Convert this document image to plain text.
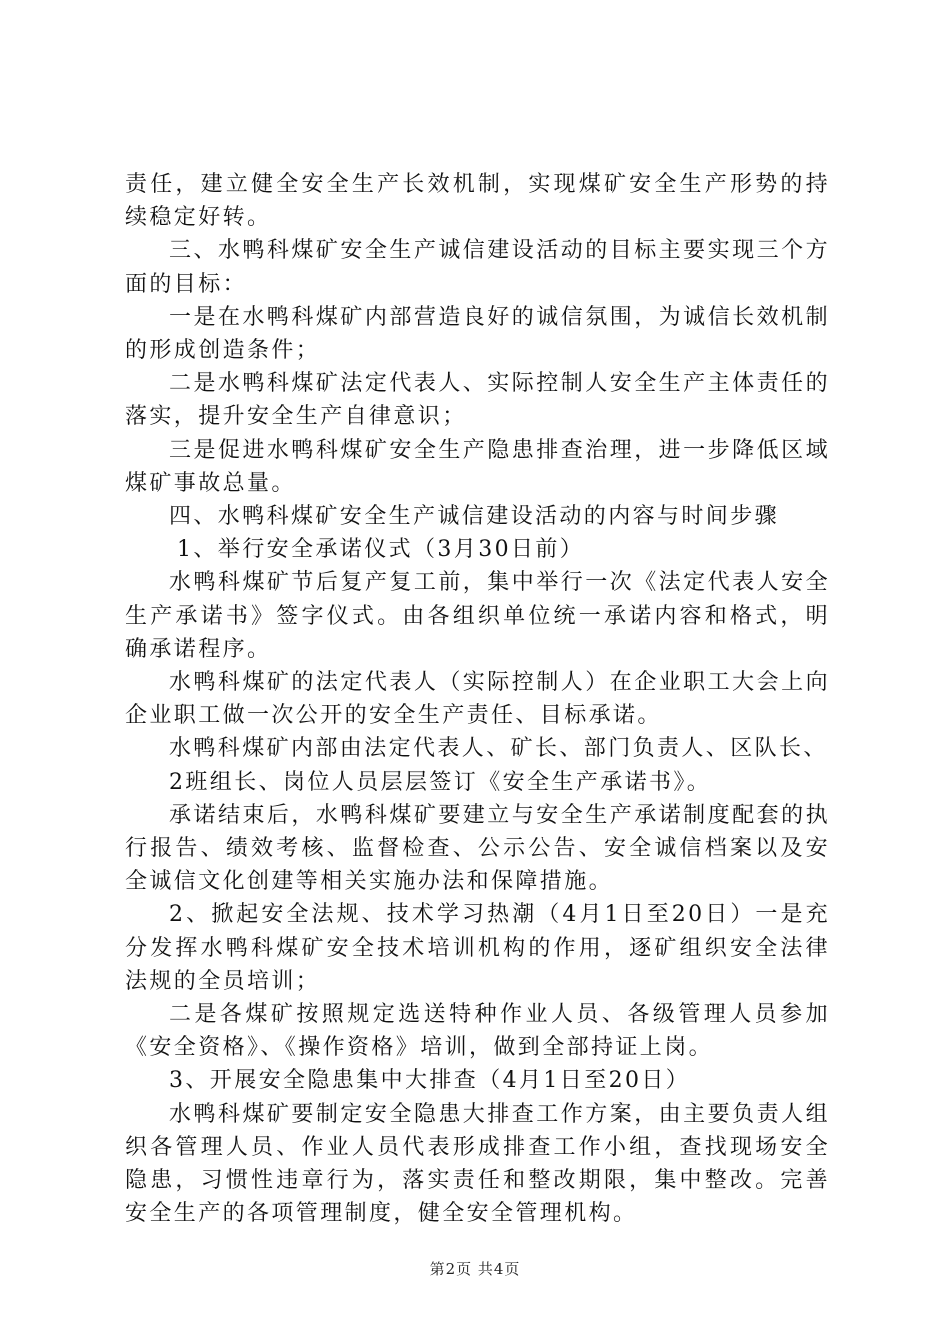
责任，建立健全安全生产长效机制，实现煤矿安全生产形势的持续稳定好转。

三、水鸭科煤矿安全生产诚信建设活动的目标主要实现三个方面的目标：

一是在水鸭科煤矿内部营造良好的诚信氛围，为诚信长效机制的形成创造条件；

二是水鸭科煤矿法定代表人、实际控制人安全生产主体责任的落实，提升安全生产自律意识；

三是促进水鸭科煤矿安全生产隐患排查治理，进一步降低区域煤矿事故总量。

四、水鸭科煤矿安全生产诚信建设活动的内容与时间步骤

1、举行安全承诺仪式（3月30日前）

水鸭科煤矿节后复产复工前，集中举行一次《法定代表人安全生产承诺书》签字仪式。由各组织单位统一承诺内容和格式，明确承诺程序。

水鸭科煤矿的法定代表人（实际控制人）在企业职工大会上向企业职工做一次公开的安全生产责任、目标承诺。

水鸭科煤矿内部由法定代表人、矿长、部门负责人、区队长、

2班组长、岗位人员层层签订《安全生产承诺书》。

承诺结束后，水鸭科煤矿要建立与安全生产承诺制度配套的执行报告、绩效考核、监督检查、公示公告、安全诚信档案以及安全诚信文化创建等相关实施办法和保障措施。

2、掀起安全法规、技术学习热潮（4月1日至20日）一是充分发挥水鸭科煤矿安全技术培训机构的作用，逐矿组织安全法律法规的全员培训；

二是各煤矿按照规定选送特种作业人员、各级管理人员参加《安全资格》、《操作资格》培训，做到全部持证上岗。

3、开展安全隐患集中大排查（4月1日至20日）

水鸭科煤矿要制定安全隐患大排查工作方案，由主要负责人组织各管理人员、作业人员代表形成排查工作小组，查找现场安全隐患，习惯性违章行为，落实责任和整改期限，集中整改。完善安全生产的各项管理制度，健全安全管理机构。

第2页 共4页
